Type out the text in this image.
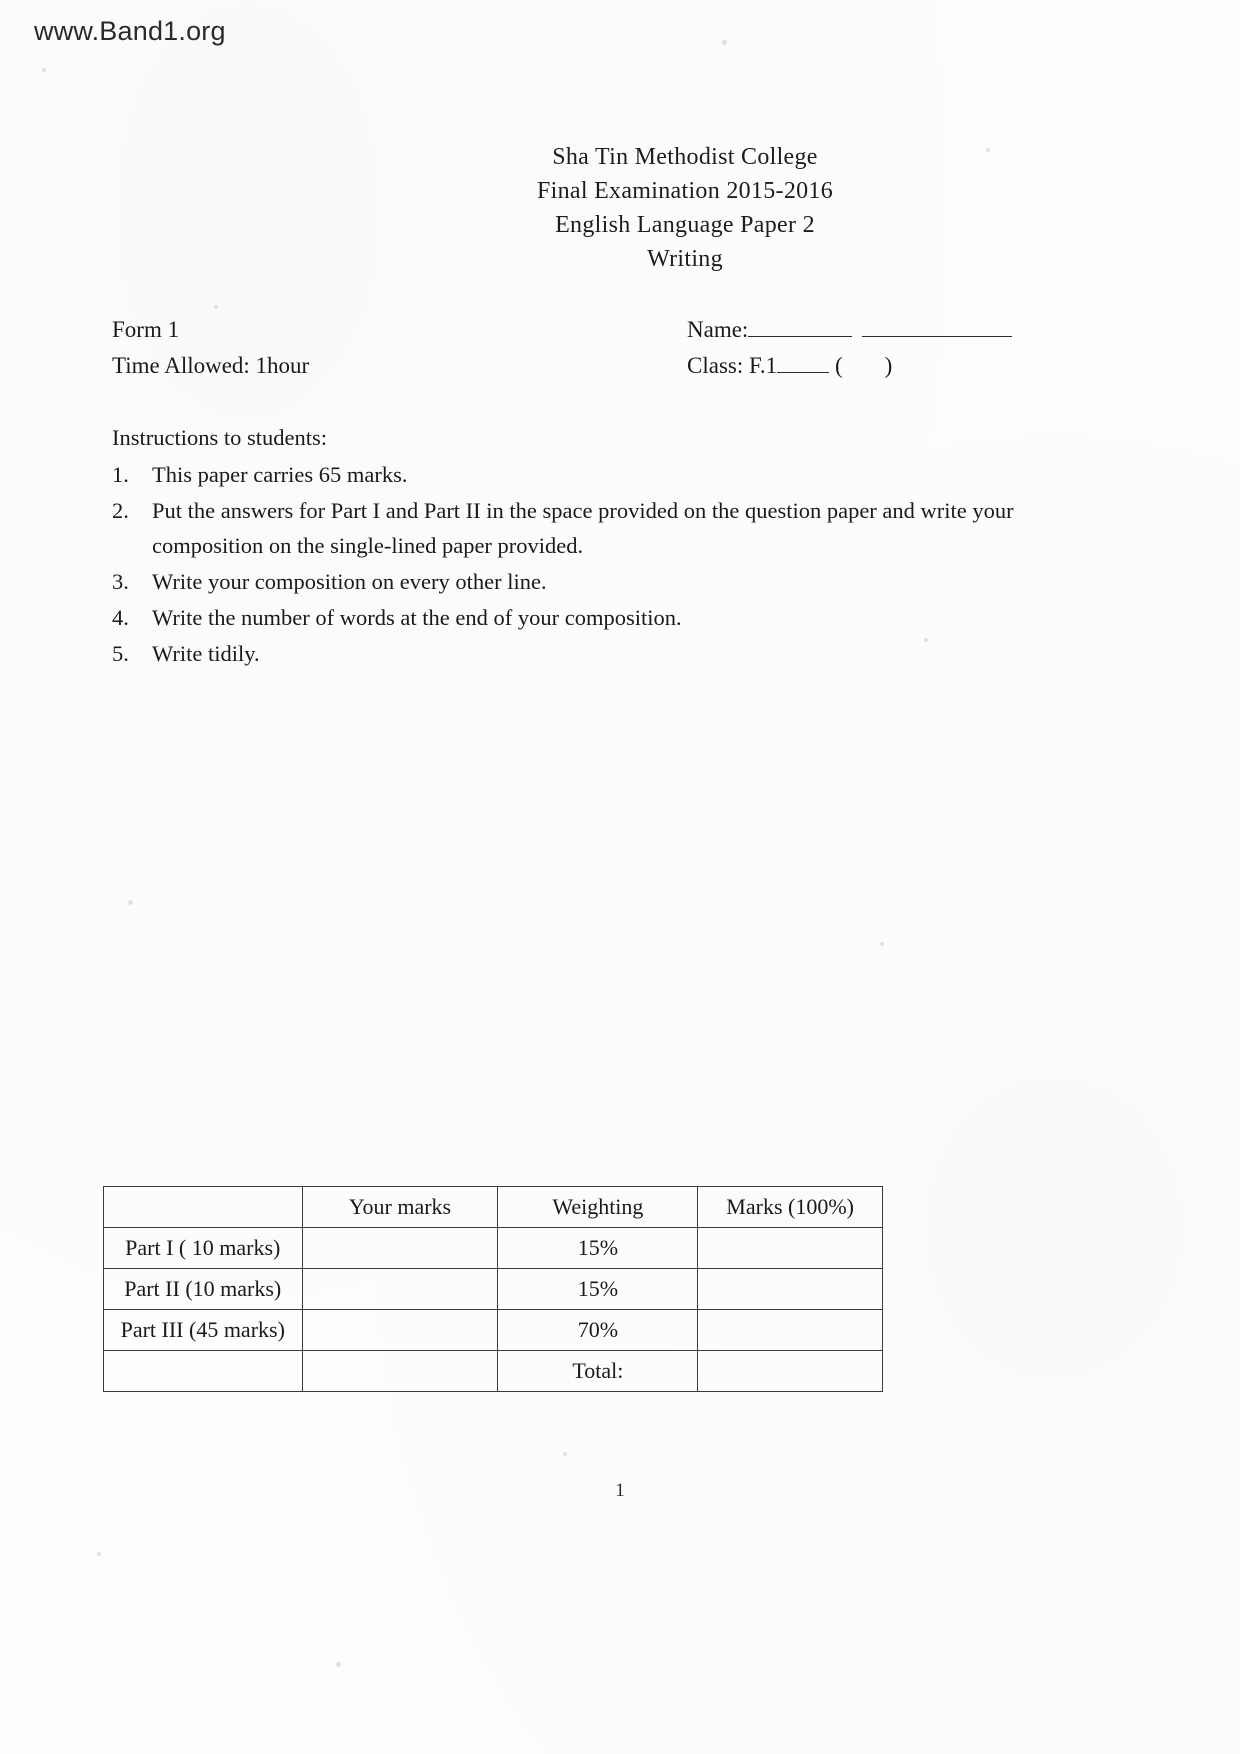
www.Band1.org
Sha Tin Methodist College
Final Examination 2015-2016
English Language Paper 2
Writing
Form 1
Time Allowed: 1hour
Name:
Class: F.1	( )
Instructions to students:
1.	This paper carries 65 marks.
2.	Put the answers for Part I and Part II in the space provided on the question paper and write your composition on the single-lined paper provided.
3.	Write your composition on every other line.
4.	Write the number of words at the end of your composition.
5.	Write tidily.
	Your marks	Weighting	Marks (100%)
Part I ( 10 marks)		15%	
Part II (10 marks)		15%	
Part III (45 marks)		70%	
		Total:	
1
